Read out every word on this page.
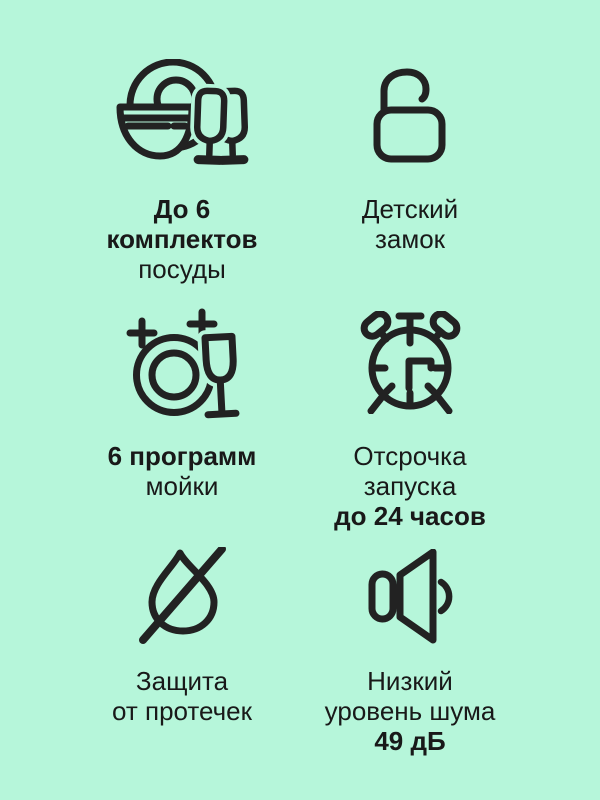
До 6
комплектов
посуды
Детский
замок
6 программ
мойки
Отсрочка
запуска
до 24 часов
Защита
от протечек
Низкий
уровень шума
49 дБ
